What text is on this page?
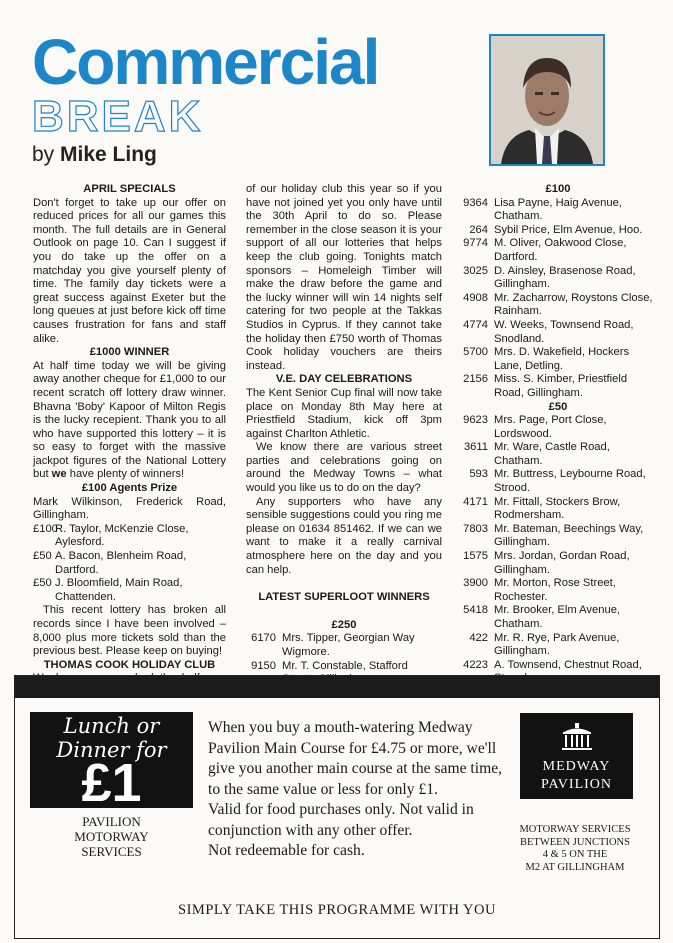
Commercial
BREAK
by Mike Ling

APRIL SPECIALS

Don't forget to take up our offer on reduced prices for all our games this month. The full details are in General Outlook on page 10. Can I suggest if you do take up the offer on a matchday you give yourself plenty of time. The family day tickets were a great success against Exeter but the long queues at just before kick off time causes frustration for fans and staff alike.

£1000 WINNER

At half time today we will be giving away another cheque for £1,000 to our recent scratch off lottery draw winner. Bhavna 'Boby' Kapoor of Milton Regis is the lucky recepient. Thank you to all who have supported this lottery – it is so easy to forget with the massive jackpot figures of the National Lottery but we have plenty of winners!

£100 Agents Prize

Mark Wilkinson, Frederick Road, Gillingham.

£100
R. Taylor, McKenzie Close, Aylesford.
£50 A. Bacon, Blenheim Road, Dartford.
£50 J. Bloomfield, Main Road, Chattenden.

This recent lottery has broken all records since I have been involved – 8,000 plus more tickets sold than the previous best. Please keep on buying!

THOMAS COOK HOLIDAY CLUB

of our holiday club this year so if you have not joined yet you only have until the 30th April to do so. Please remember in the close season it is your support of all our lotteries that helps keep the club going. Tonights match sponsors – Homeleigh Timber will make the draw before the game and the lucky winner will win 14 nights self catering for two people at the Takkas Studios in Cyprus. If they cannot take the holiday then £750 worth of Thomas Cook holiday vouchers are theirs instead.

V.E. DAY CELEBRATIONS

The Kent Senior Cup final will now take place on Monday 8th May here at Priestfield Stadium, kick off 3pm against Charlton Athletic.

We know there are various street parties and celebrations going on around the Medway Towns – what would you like us to do on the day?

Any supporters who have any sensible suggestions could you ring me please on 01634 851462. If we can we want to make it a really carnival atmosphere here on the day and you can help.

LATEST SUPERLOOT WINNERS

£250

6170 Mrs. Tipper, Georgian Way Wigmore.
9150 Mr. T. Constable, Stafford

£100

9364 Lisa Payne, Haig Avenue, Chatham.
264 Sybil Price, Elm Avenue, Hoo.
9774 M. Oliver, Oakwood Close, Dartford.
3025 D. Ainsley, Brasenose Road, Gillingham.
4908 Mr. Zacharrow, Roystons Close, Rainham.
4774 W. Weeks, Townsend Road, Snodland.
5700 Mrs. D. Wakefield, Hockers Lane, Detling.
2156 Miss. S. Kimber, Priestfield Road, Gillingham.

£50

9623 Mrs. Page, Port Close, Lordswood.
3611 Mr. Ware, Castle Road, Chatham.
593 Mr. Buttress, Leybourne Road, Strood.
4171 Mr. Fittall, Stockers Brow, Rodmersham.
7803 Mr. Bateman, Beechings Way, Gillingham.
1575 Mrs. Jordan, Gordan Road, Gillingham.
3900 Mr. Morton, Rose Street, Rochester.
5418 Mr. Brooker, Elm Avenue, Chatham.
422 Mr. R. Rye, Park Avenue, Gillingham.
4223 A. Townsend, Chestnut Road,
Lunch or
Dinner for
£1
PAVILION
MOTORWAY
SERVICES

When you buy a mouth-watering Medway Pavilion Main Course for £4.75 or more, we'll give you another main course at the same time, to the same value or less for only £1.

Valid for food purchases only. Not valid in conjunction with any other offer.

Not redeemable for cash.

MEDWAY
PAVILION
MOTORWAY SERVICES
BETWEEN JUNCTIONS
4 & 5 ON THE
M2 AT GILLINGHAM
SIMPLY TAKE THIS PROGRAMME WITH YOU
